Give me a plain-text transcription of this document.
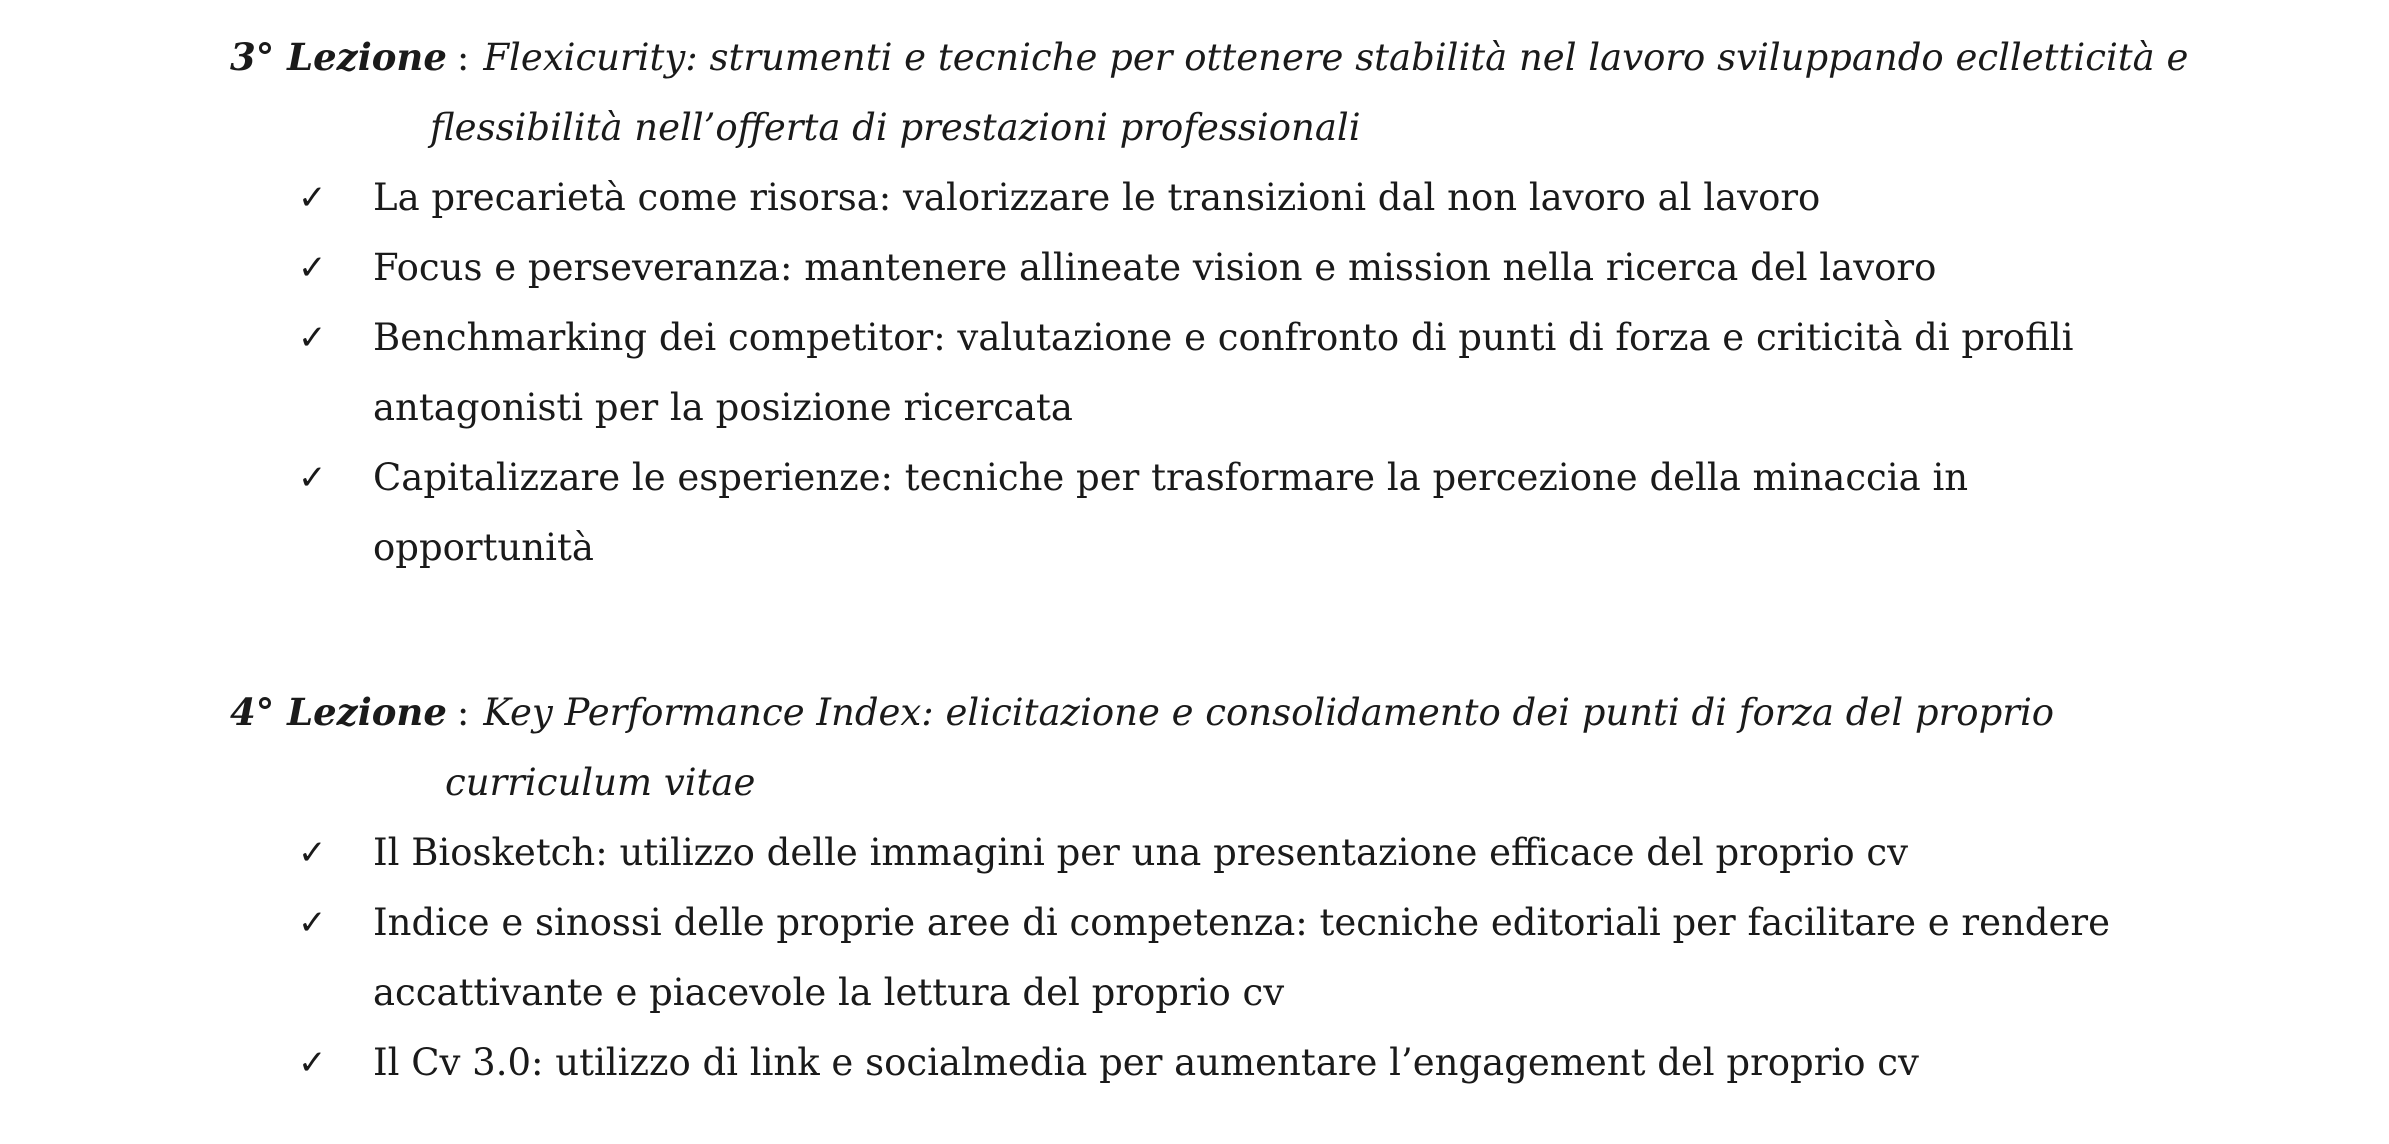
3° Lezione : Flexicurity: strumenti e tecniche per ottenere stabilità nel lavoro sviluppando eclletticità e
flessibilità nell’offerta di prestazioni professionali
✓ La precarietà come risorsa: valorizzare le transizioni dal non lavoro al lavoro
✓ Focus e perseveranza: mantenere allineate vision e mission nella ricerca del lavoro
✓ Benchmarking dei competitor: valutazione e confronto di punti di forza e criticità di profili
antagonisti per la posizione ricercata
✓ Capitalizzare le esperienze: tecniche per trasformare la percezione della minaccia in
opportunità
4° Lezione : Key Performance Index: elicitazione e consolidamento dei punti di forza del proprio
curriculum vitae
✓ Il Biosketch: utilizzo delle immagini per una presentazione efficace del proprio cv
✓ Indice e sinossi delle proprie aree di competenza: tecniche editoriali per facilitare e rendere
accattivante e piacevole la lettura del proprio cv
✓ Il Cv 3.0: utilizzo di link e socialmedia per aumentare l’engagement del proprio cv
